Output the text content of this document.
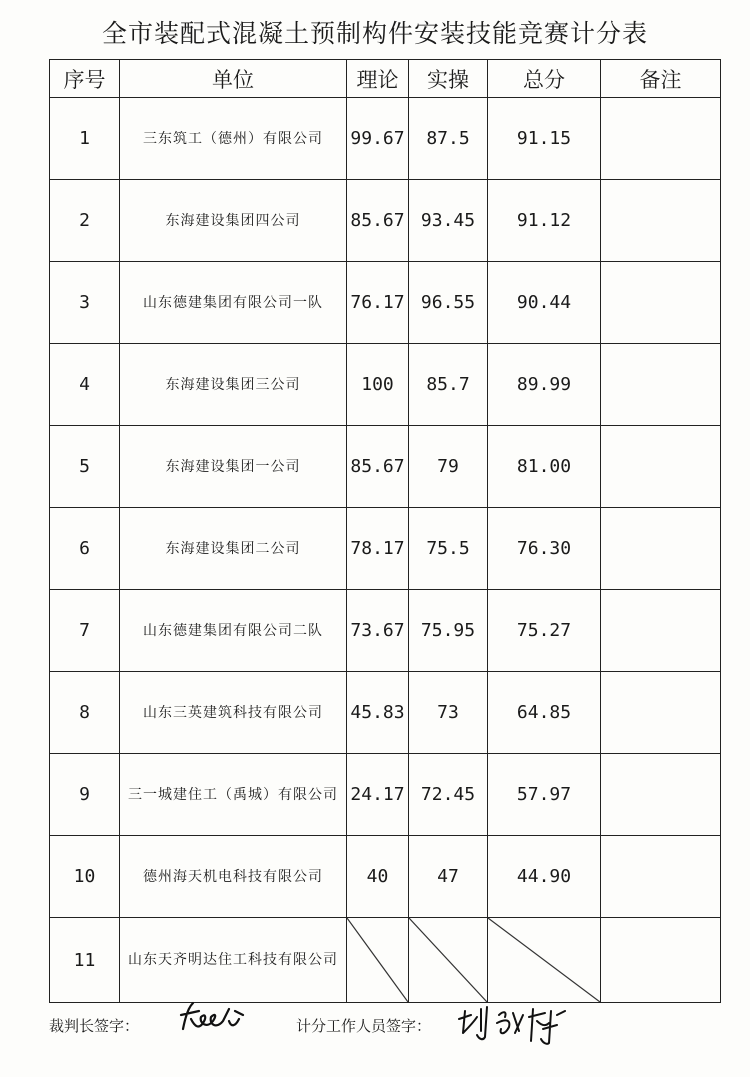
全市装配式混凝土预制构件安装技能竞赛计分表
序号	单位	理论	实操	总分	备注
1	三东筑工（德州）有限公司	99.67	87.5	91.15	
2	东海建设集团四公司	85.67	93.45	91.12	
3	山东德建集团有限公司一队	76.17	96.55	90.44	
4	东海建设集团三公司	100	85.7	89.99	
5	东海建设集团一公司	85.67	79	81.00	
6	东海建设集团二公司	78.17	75.5	76.30	
7	山东德建集团有限公司二队	73.67	75.95	75.27	
8	山东三英建筑科技有限公司	45.83	73	64.85	
9	三一城建住工（禹城）有限公司	24.17	72.45	57.97	
10	德州海天机电科技有限公司	40	47	44.90	
11	山东天齐明达住工科技有限公司	

裁判长签字：	计分工作人员签字：
